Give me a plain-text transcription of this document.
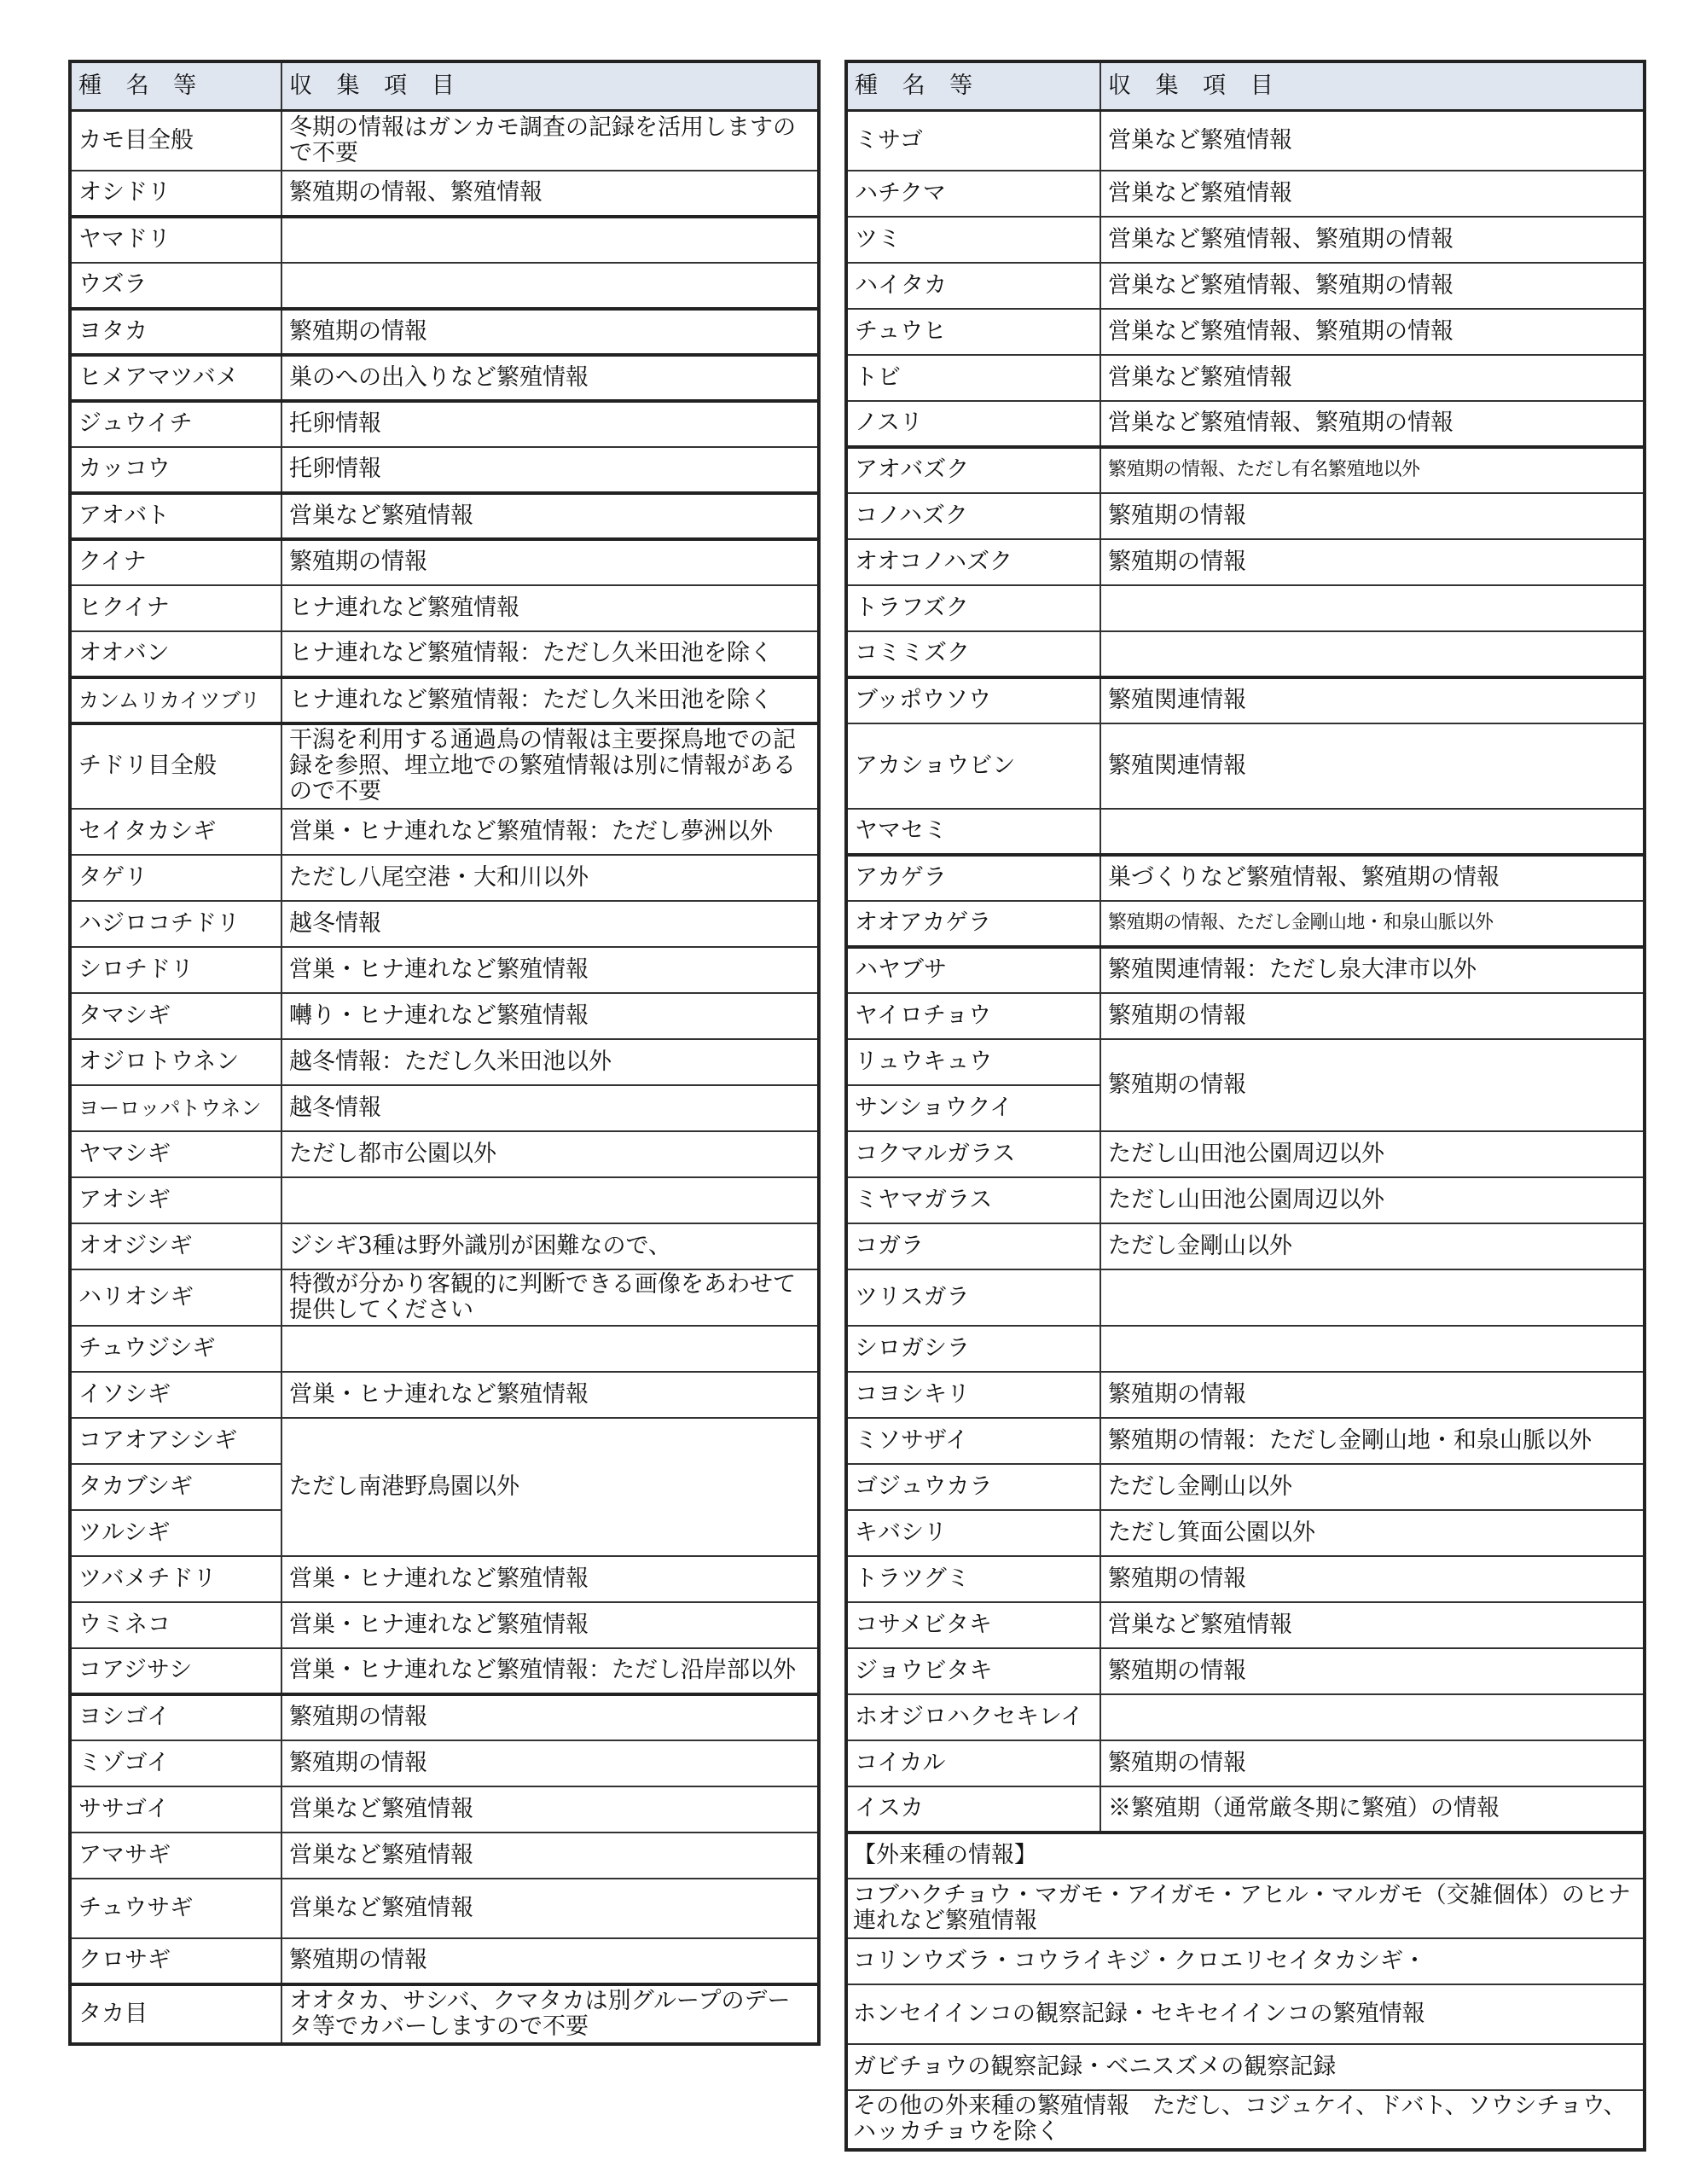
種 名 等	収 集 項 目
カモ目全般	冬期の情報はガンカモ調査の記録を活用しますので不要
オシドリ	繁殖期の情報、繁殖情報
ヤマドリ	
ウズラ	
ヨタカ	繁殖期の情報
ヒメアマツバメ	巣のへの出入りなど繁殖情報
ジュウイチ	托卵情報
カッコウ	托卵情報
アオバト	営巣など繁殖情報
クイナ	繁殖期の情報
ヒクイナ	ヒナ連れなど繁殖情報
オオバン	ヒナ連れなど繁殖情報：ただし久米田池を除く
カンムリカイツブリ	ヒナ連れなど繁殖情報：ただし久米田池を除く
チドリ目全般	干潟を利用する通過鳥の情報は主要探鳥地での記録を参照、埋立地での繁殖情報は別に情報があるので不要
セイタカシギ	営巣・ヒナ連れなど繁殖情報：ただし夢洲以外
タゲリ	ただし八尾空港・大和川以外
ハジロコチドリ	越冬情報
シロチドリ	営巣・ヒナ連れなど繁殖情報
タマシギ	囀り・ヒナ連れなど繁殖情報
オジロトウネン	越冬情報：ただし久米田池以外
ヨーロッパトウネン	越冬情報
ヤマシギ	ただし都市公園以外
アオシギ	
オオジシギ	ジシギ3種は野外識別が困難なので、
ハリオシギ	特徴が分かり客観的に判断できる画像をあわせて提供してください
チュウジシギ	
イソシギ	営巣・ヒナ連れなど繁殖情報
コアオアシシギ	ただし南港野鳥園以外
タカブシギ	
ツルシギ	
ツバメチドリ	営巣・ヒナ連れなど繁殖情報
ウミネコ	営巣・ヒナ連れなど繁殖情報
コアジサシ	営巣・ヒナ連れなど繁殖情報：ただし沿岸部以外
ヨシゴイ	繁殖期の情報
ミゾゴイ	繁殖期の情報
ササゴイ	営巣など繁殖情報
アマサギ	営巣など繁殖情報
チュウサギ	営巣など繁殖情報
クロサギ	繁殖期の情報
タカ目	オオタカ、サシバ、クマタカは別グループのデータ等でカバーしますので不要
種 名 等	収 集 項 目
ミサゴ	営巣など繁殖情報
ハチクマ	営巣など繁殖情報
ツミ	営巣など繁殖情報、繁殖期の情報
ハイタカ	営巣など繁殖情報、繁殖期の情報
チュウヒ	営巣など繁殖情報、繁殖期の情報
トビ	営巣など繁殖情報
ノスリ	営巣など繁殖情報、繁殖期の情報
アオバズク	繁殖期の情報、ただし有名繁殖地以外
コノハズク	繁殖期の情報
オオコノハズク	繁殖期の情報
トラフズク	
コミミズク	
ブッポウソウ	繁殖関連情報
アカショウビン	繁殖関連情報
ヤマセミ	
アカゲラ	巣づくりなど繁殖情報、繁殖期の情報
オオアカゲラ	繁殖期の情報、ただし金剛山地・和泉山脈以外
ハヤブサ	繁殖関連情報：ただし泉大津市以外
ヤイロチョウ	繁殖期の情報
リュウキュウ	繁殖期の情報
サンショウクイ	
コクマルガラス	ただし山田池公園周辺以外
ミヤマガラス	ただし山田池公園周辺以外
コガラ	ただし金剛山以外
ツリスガラ	
シロガシラ	
コヨシキリ	繁殖期の情報
ミソサザイ	繁殖期の情報：ただし金剛山地・和泉山脈以外
ゴジュウカラ	ただし金剛山以外
キバシリ	ただし箕面公園以外
トラツグミ	繁殖期の情報
コサメビタキ	営巣など繁殖情報
ジョウビタキ	繁殖期の情報
ホオジロハクセキレイ	
コイカル	繁殖期の情報
イスカ	※繁殖期（通常厳冬期に繁殖）の情報
【外来種の情報】	
コブハクチョウ・マガモ・アイガモ・アヒル・マルガモ（交雑個体）のヒナ連れなど繁殖情報	
コリンウズラ・コウライキジ・クロエリセイタカシギ・	
ホンセイインコの観察記録・セキセイインコの繁殖情報	
ガビチョウの観察記録・ベニスズメの観察記録	
その他の外来種の繁殖情報　ただし、コジュケイ、ドバト、ソウシチョウ、ハッカチョウを除く	
